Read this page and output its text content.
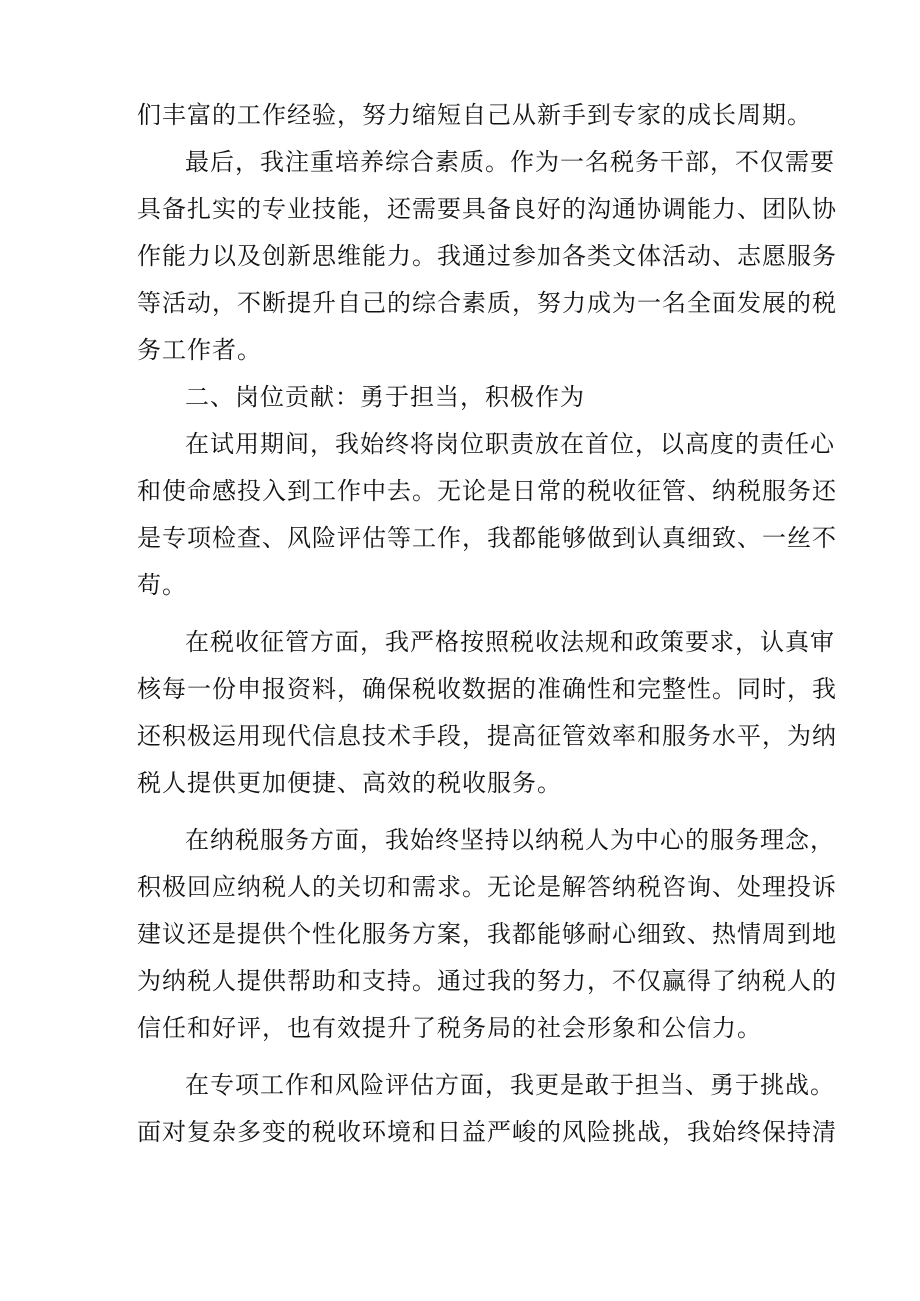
们丰富的工作经验，努力缩短自己从新手到专家的成长周期。
最后，我注重培养综合素质。作为一名税务干部，不仅需要
具备扎实的专业技能，还需要具备良好的沟通协调能力、团队协
作能力以及创新思维能力。我通过参加各类文体活动、志愿服务
等活动，不断提升自己的综合素质，努力成为一名全面发展的税
务工作者。
二、岗位贡献：勇于担当，积极作为
在试用期间，我始终将岗位职责放在首位，以高度的责任心
和使命感投入到工作中去。无论是日常的税收征管、纳税服务还
是专项检查、风险评估等工作，我都能够做到认真细致、一丝不
苟。
在税收征管方面，我严格按照税收法规和政策要求，认真审
核每一份申报资料，确保税收数据的准确性和完整性。同时，我
还积极运用现代信息技术手段，提高征管效率和服务水平，为纳
税人提供更加便捷、高效的税收服务。
在纳税服务方面，我始终坚持以纳税人为中心的服务理念，
积极回应纳税人的关切和需求。无论是解答纳税咨询、处理投诉
建议还是提供个性化服务方案，我都能够耐心细致、热情周到地
为纳税人提供帮助和支持。通过我的努力，不仅赢得了纳税人的
信任和好评，也有效提升了税务局的社会形象和公信力。
在专项工作和风险评估方面，我更是敢于担当、勇于挑战。
面对复杂多变的税收环境和日益严峻的风险挑战，我始终保持清
